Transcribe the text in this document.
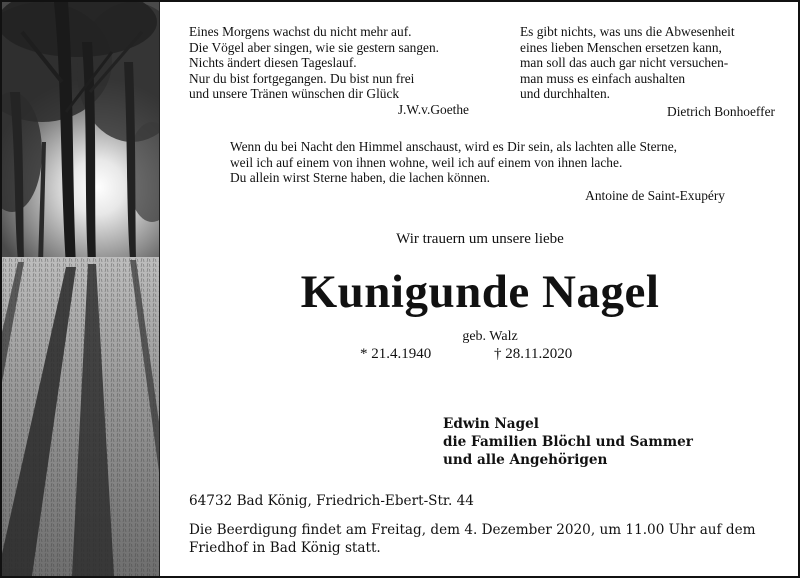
Eines Morgens wachst du nicht mehr auf.
Die Vögel aber singen, wie sie gestern sangen.
Nichts ändert diesen Tageslauf.
Nur du bist fortgegangen. Du bist nun frei
und unsere Tränen wünschen dir Glück
J.W.v.Goethe
Es gibt nichts, was uns die Abwesenheit
eines lieben Menschen ersetzen kann,
man soll das auch gar nicht versuchen-
man muss es einfach aushalten
und durchhalten.
Dietrich Bonhoeffer
Wenn du bei Nacht den Himmel anschaust, wird es Dir sein, als lachten alle Sterne,
weil ich auf einem von ihnen wohne, weil ich auf einem von ihnen lache.
Du allein wirst Sterne haben, die lachen können.
Antoine de Saint-Exupéry
Wir trauern um unsere liebe
Kunigunde Nagel
geb. Walz
* 21.4.1940	† 28.11.2020
Edwin Nagel
die Familien Blöchl und Sammer
und alle Angehörigen
64732 Bad König, Friedrich-Ebert-Str. 44
Die Beerdigung findet am Freitag, dem 4. Dezember 2020, um 11.00 Uhr auf dem Friedhof in Bad König statt.
